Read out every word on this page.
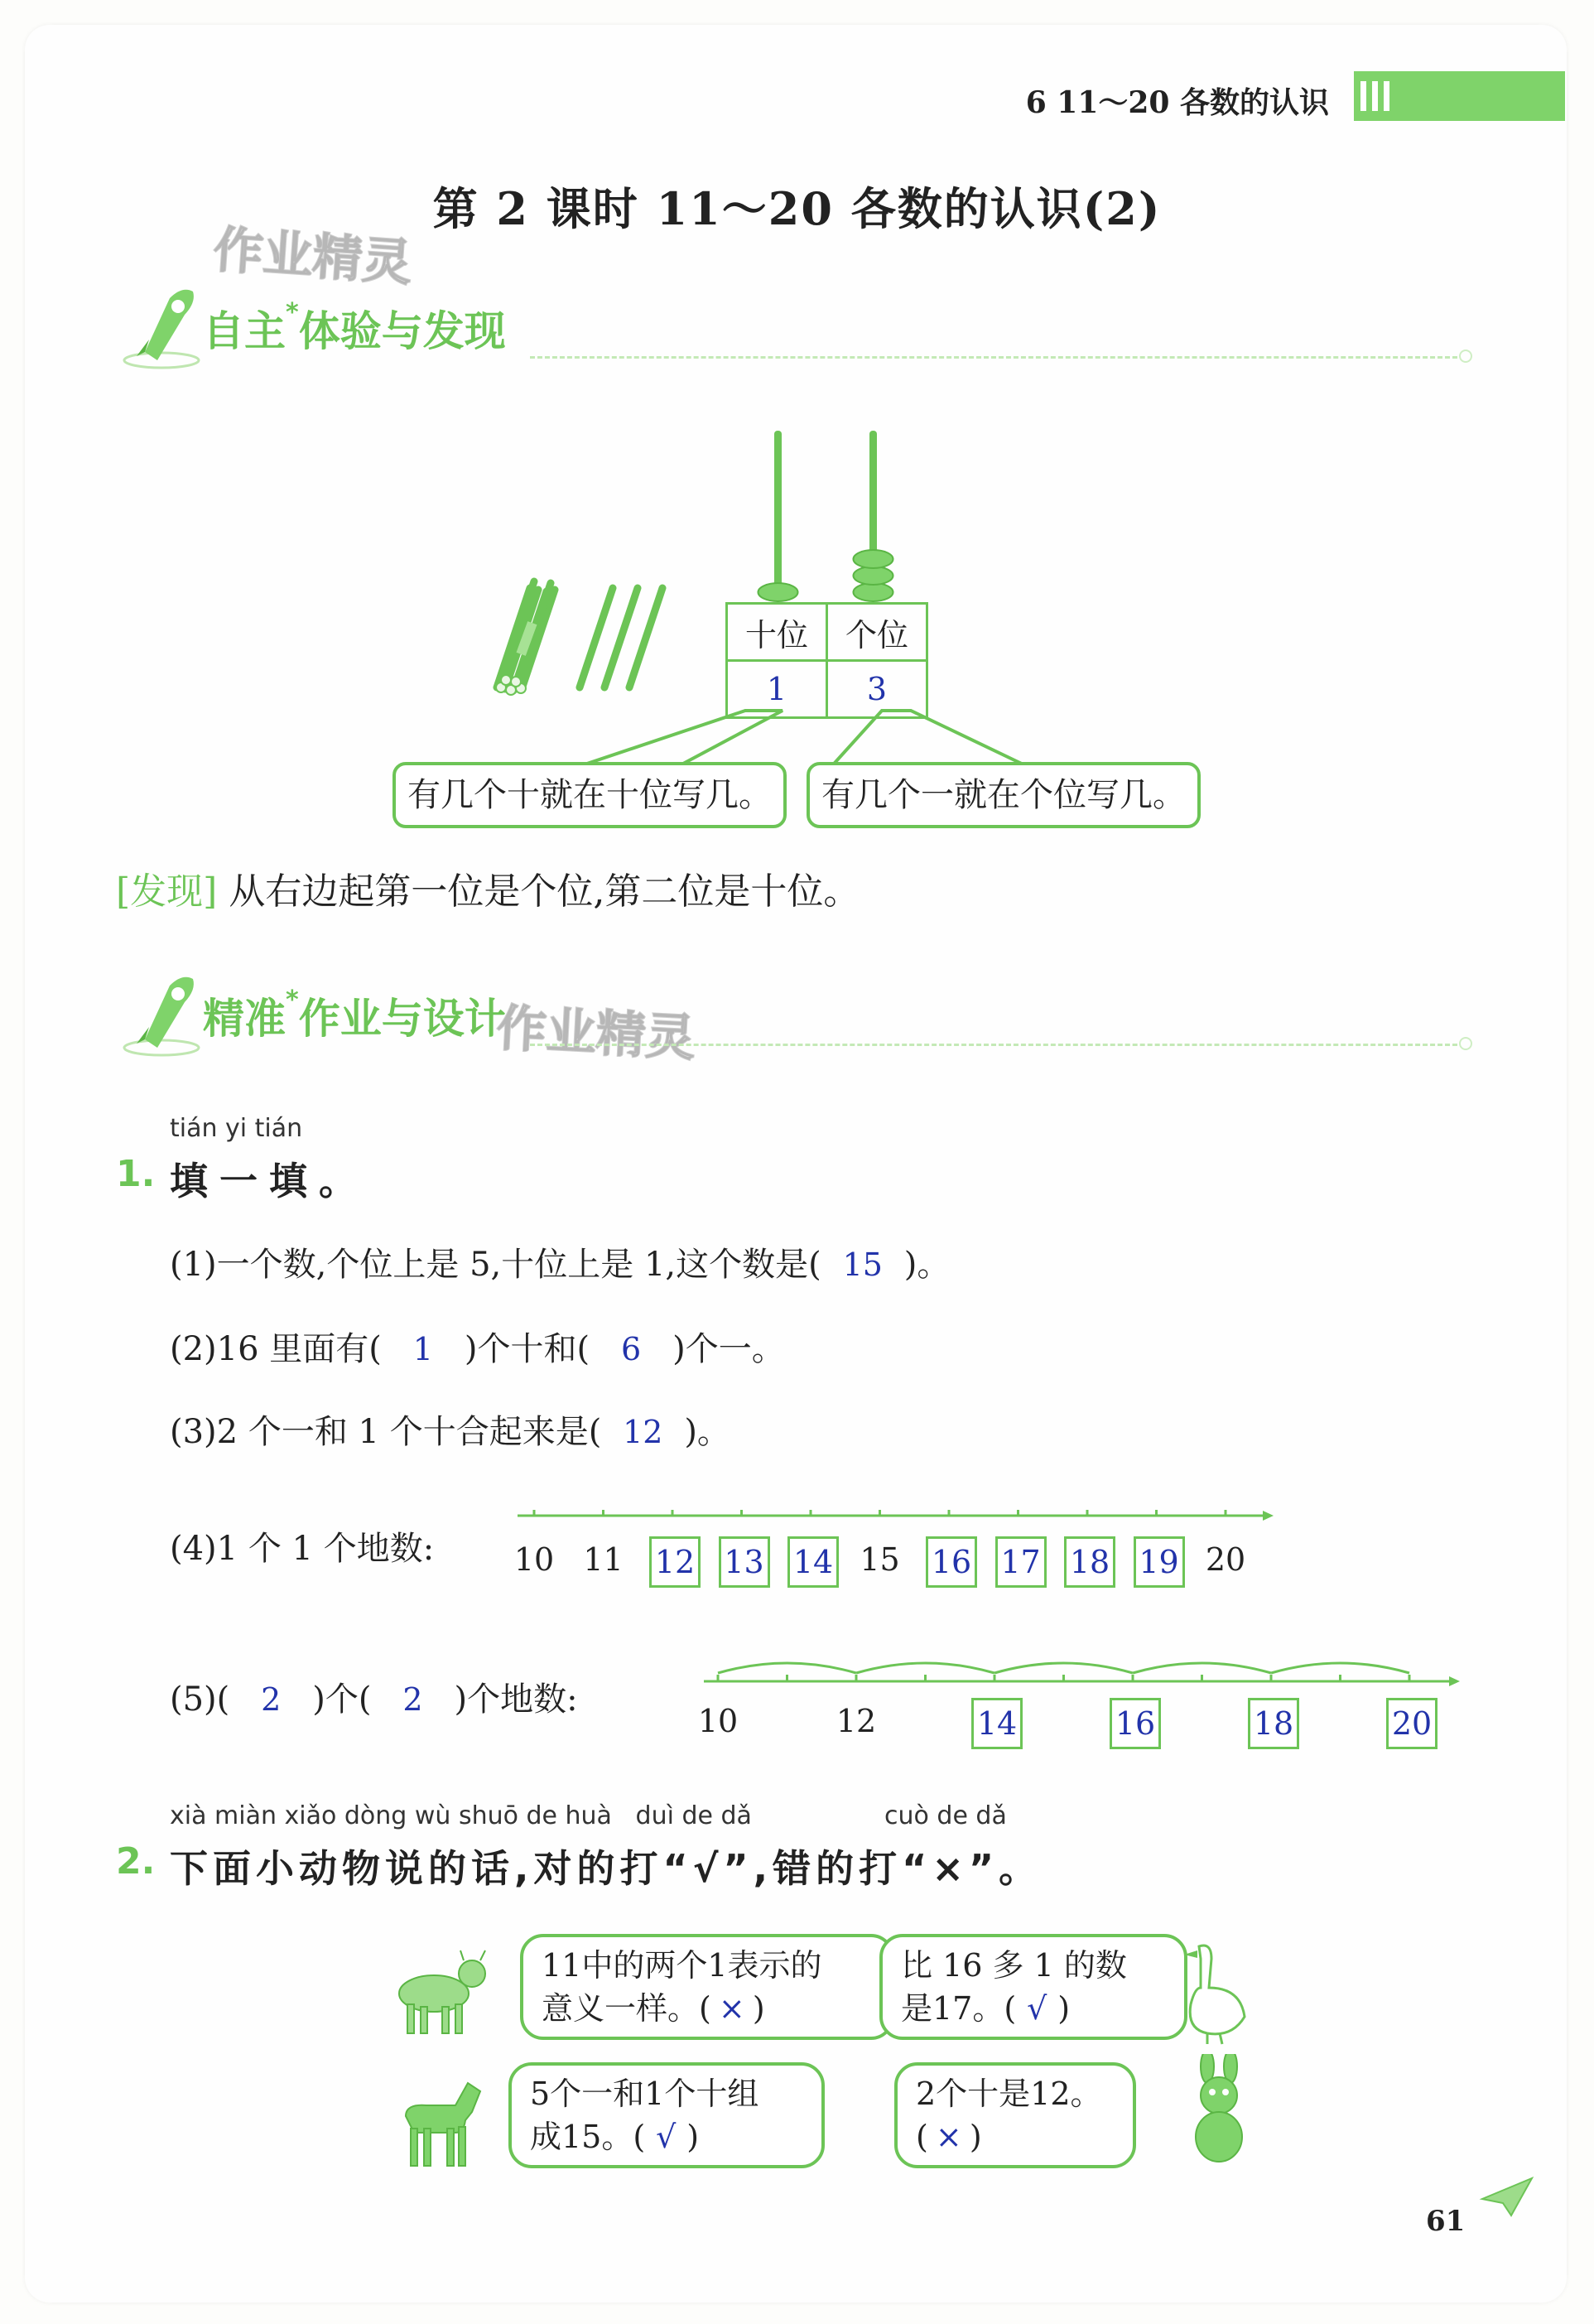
6 11～20 各数的认识
第 2 课时 11～20 各数的认识(2)
作业精灵
自主*体验与发现
十位	个位
1	3
有几个十就在十位写几。	有几个一就在个位写几。
[发现] 从右边起第一位是个位,第二位是十位。
精准*作业与设计
作业精灵
tián yi tián
1. 填一填。
(1)一个数,个位上是 5,十位上是 1,这个数是( 15 )。
(2)16 里面有( 1 )个十和( 6 )个一。
(3)2 个一和 1 个十合起来是( 12 )。
(4)1 个 1 个地数:	10 11 12 13 14 15 16 17 18 19 20
(5)( 2 )个( 2 )个地数:
10	12	14	16	18	20
xià miàn xiǎo dòng wù shuō de huà   duì de dǎ	cuò de dǎ
2. 下面小动物说的话,对的打“√”,错的打“×”。
11中的两个1表示的
意义一样。( × )
比 16 多 1 的数
是17。( √ )
5个一和1个十组
成15。( √ )
2个十是12。
( × )
61
